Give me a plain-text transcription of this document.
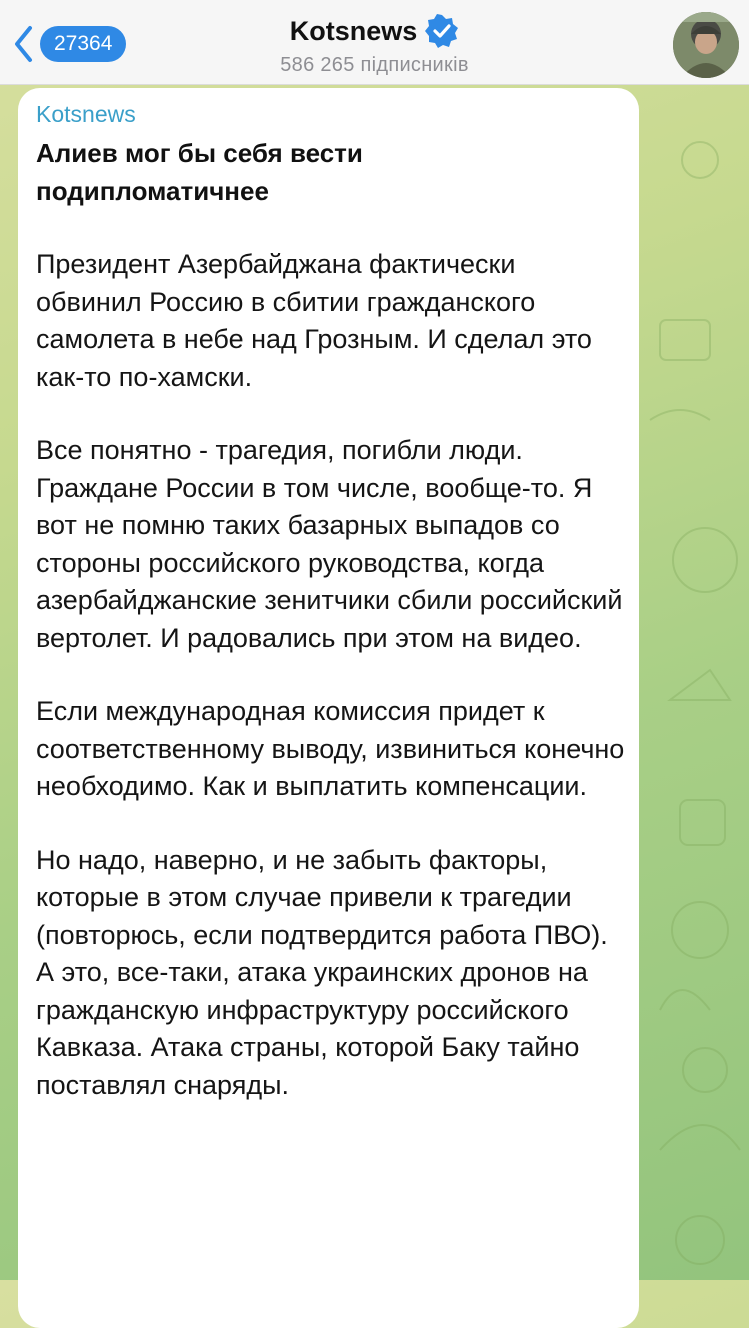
27364	Kotsnews
586 265 підписників
Kotsnews
Алиев мог бы себя вести подипломатичнее
Президент Азербайджана фактически обвинил Россию в сбитии гражданского самолета в небе над Грозным. И сделал это как-то по-хамски.
Все понятно - трагедия, погибли люди. Граждане России в том числе, вообще-то. Я вот не помню таких базарных выпадов со стороны российского руководства, когда азербайджанские зенитчики сбили российский вертолет. И радовались при этом на видео.
Если международная комиссия придет к соответственному выводу, извиниться конечно необходимо. Как и выплатить компенсации.
Но надо, наверно, и не забыть факторы, которые в этом случае привели к трагедии (повторюсь, если подтвердится работа ПВО). А это, все-таки, атака украинских дронов на гражданскую инфраструктуру российского Кавказа. Атака страны, которой Баку тайно поставлял снаряды.
